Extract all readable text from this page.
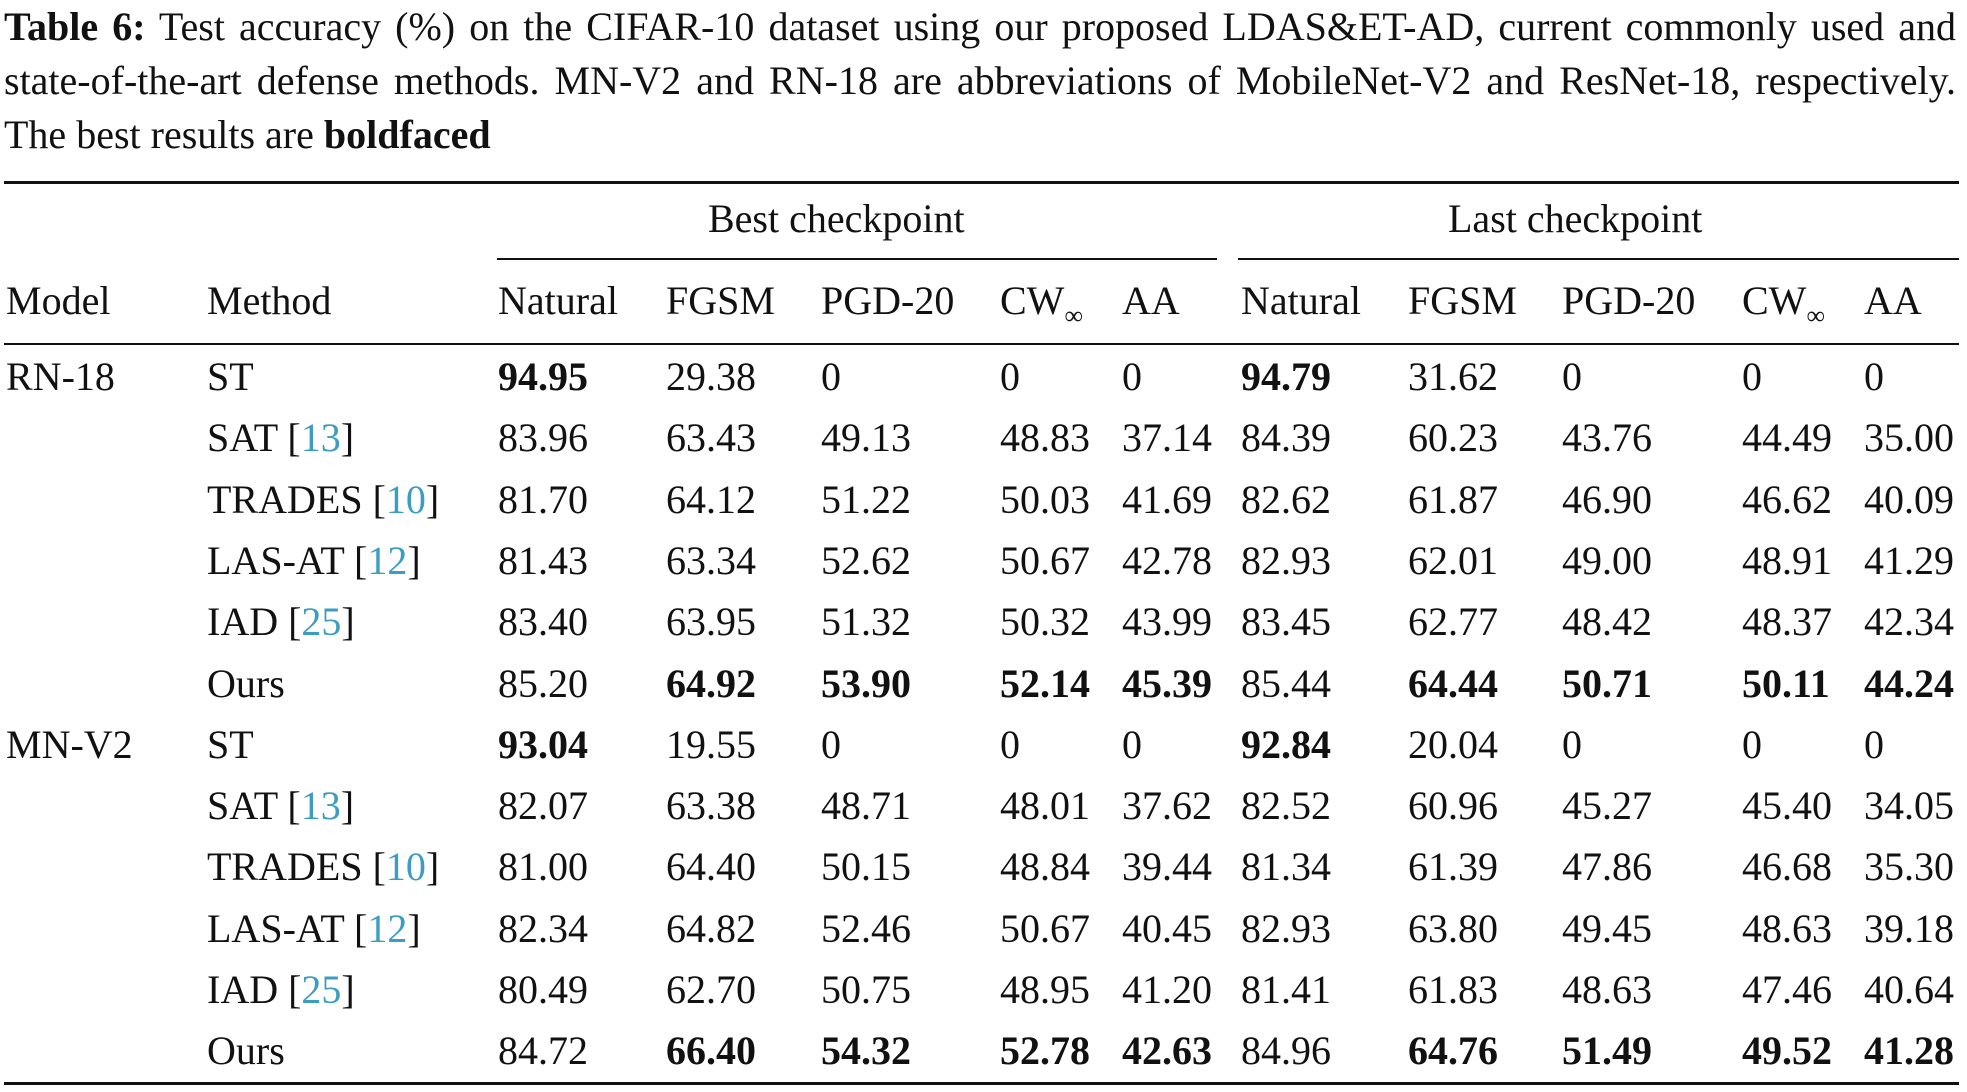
Table 6: Test accuracy (%) on the CIFAR-10 dataset using our proposed LDAS&ET-AD, current commonly used and state-of-the-art defense methods. MN-V2 and RN-18 are abbreviations of MobileNet-V2 and ResNet-18, respectively. The best results are boldfaced
Best checkpoint	Last checkpoint
Model Method	Natural FGSM PGD-20 $CW_\infty$ AA Natural FGSM PGD-20 $CW_\infty$ AA
RN-18 ST	94.95 29.38 0	0	0 94.79 31.62 0	0	0
SAT [13]	83.96 63.43 49.13 48.83 37.14 84.39 60.23 43.76 44.49 35.00
TRADES [10] 81.70 64.12 51.22 50.03 41.69 82.62 61.87 46.90 46.62 40.09
LAS-AT [12] 81.43 63.34 52.62 50.67 42.78 82.93 62.01 49.00 48.91 41.29
IAD [25]	83.40 63.95 51.32 50.32 43.99 83.45 62.77 48.42 48.37 42.34
Ours	85.20 64.92 53.90 52.14 45.39 85.44 64.44 50.71 50.11 44.24
MN-V2 ST	93.04 19.55 0	0	0 92.84 20.04 0	0	0
SAT [13]	82.07 63.38 48.71 48.01 37.62 82.52 60.96 45.27 45.40 34.05
TRADES [10] 81.00 64.40 50.15 48.84 39.44 81.34 61.39 47.86 46.68 35.30
LAS-AT [12] 82.34 64.82 52.46 50.67 40.45 82.93 63.80 49.45 48.63 39.18
IAD [25]	80.49 62.70 50.75 48.95 41.20 81.41 61.83 48.63 47.46 40.64
Ours	84.72 66.40 54.32 52.78 42.63 84.96 64.76 51.49 49.52 41.28
